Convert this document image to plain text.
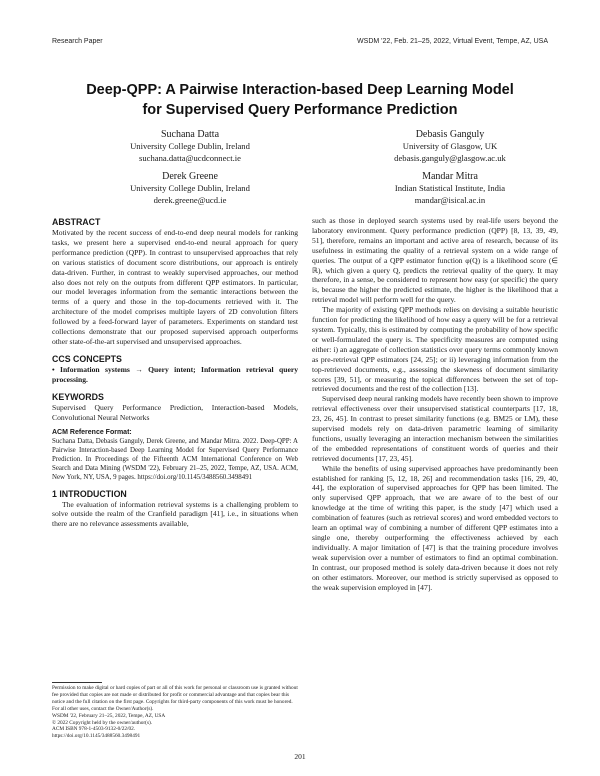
Research Paper	WSDM '22, Feb. 21–25, 2022, Virtual Event, Tempe, AZ, USA
Deep-QPP: A Pairwise Interaction-based Deep Learning Model
for Supervised Query Performance Prediction
Suchana Datta
University College Dublin, Ireland
suchana.datta@ucdconnect.ie
Debasis Ganguly
University of Glasgow, UK
debasis.ganguly@glasgow.ac.uk
Derek Greene
University College Dublin, Ireland
derek.greene@ucd.ie
Mandar Mitra
Indian Statistical Institute, India
mandar@isical.ac.in
ABSTRACT

Motivated by the recent success of end-to-end deep neural models for ranking tasks, we present here a supervised end-to-end neural approach for query performance prediction (QPP). In contrast to unsupervised approaches that rely on various statistics of document score distributions, our approach is entirely data-driven. Further, in contrast to weakly supervised approaches, our method also does not rely on the outputs from different QPP estimators. In particular, our model leverages information from the semantic interactions between the terms of a query and those in the top-documents retrieved with it. The architecture of the model comprises multiple layers of 2D convolution filters followed by a feed-forward layer of parameters. Experiments on standard test collections demonstrate that our proposed supervised approach outperforms other state-of-the-art supervised and unsupervised approaches.

CCS CONCEPTS

• Information systems → Query intent; Information retrieval query processing.

KEYWORDS

Supervised Query Performance Prediction, Interaction-based Models, Convolutional Neural Networks

ACM Reference Format:

Suchana Datta, Debasis Ganguly, Derek Greene, and Mandar Mitra. 2022. Deep-QPP: A Pairwise Interaction-based Deep Learning Model for Supervised Query Performance Prediction. In Proceedings of the Fifteenth ACM International Conference on Web Search and Data Mining (WSDM '22), February 21–25, 2022, Tempe, AZ, USA. ACM, New York, NY, USA, 9 pages. https://doi.org/10.1145/3488560.3498491

1 INTRODUCTION

The evaluation of information retrieval systems is a challenging problem to solve outside the realm of the Cranfield paradigm [41], i.e., in situations when there are no relevance assessments available,

Permission to make digital or hard copies of part or all of this work for personal or classroom use is granted without fee provided that copies are not made or distributed for profit or commercial advantage and that copies bear this notice and the full citation on the first page. Copyrights for third-party components of this work must be honored. For all other uses, contact the Owner/Author(s).
WSDM '22, February 21–25, 2022, Tempe, AZ, USA
© 2022 Copyright held by the owner/author(s).
ACM ISBN 978-1-4503-9132-0/22/02.
https://doi.org/10.1145/3488560.3498491

such as those in deployed search systems used by real-life users beyond the laboratory environment. Query performance prediction (QPP) [8, 13, 39, 49, 51], therefore, remains an important and active area of research, because of its usefulness in estimating the quality of a retrieval system on a wide range of queries. The output of a QPP estimator function φ(Q) is a likelihood score (∈ ℝ), which given a query Q, predicts the retrieval quality of the query. It may therefore, in a sense, be considered to represent how easy (or specific) the query is, because the higher the predicted estimate, the higher is the likelihood that a retrieval model will perform well for the query.

The majority of existing QPP methods relies on devising a suitable heuristic function for predicting the likelihood of how easy a query will be for a retrieval system. Typically, this is estimated by computing the probability of how specific or well-formulated the query is. The specificity measures are computed using either: i) an aggregate of collection statistics over query terms commonly known as pre-retrieval QPP estimators [24, 25]; or ii) leveraging information from the top-retrieved documents, e.g., assessing the skewness of document similarity scores [39, 51], or measuring the topical differences between the set of top-retrieved documents and the rest of the collection [13].

Supervised deep neural ranking models have recently been shown to improve retrieval effectiveness over their unsupervised statistical counterparts [17, 18, 23, 26, 45]. In contrast to preset similarity functions (e.g. BM25 or LM), these supervised models rely on data-driven parametric learning of similarity functions, usually leveraging an interaction mechanism between the similarities of the embedded representations of constituent words of queries and their retrieved documents [17, 23, 45].

While the benefits of using supervised approaches have predominantly been established for ranking [5, 12, 18, 26] and recommendation tasks [16, 29, 40, 44], the exploration of supervised approaches for QPP has been limited. The only supervised QPP approach, that we are aware of to the best of our knowledge at the time of writing this paper, is the study [47] which used a combination of features (such as retrieval scores) and word embedded vectors to learn an optimal way of combining a number of different QPP estimates into a single one, thereby outperforming the effectiveness achieved by each individually. A major limitation of [47] is that the training procedure involves weak supervision over a number of estimators to find an optimal combination. In contrast, our proposed method is solely data-driven because it does not rely on other estimators. Moreover, our method is strictly supervised as opposed to the weak supervision employed in [47].

201
